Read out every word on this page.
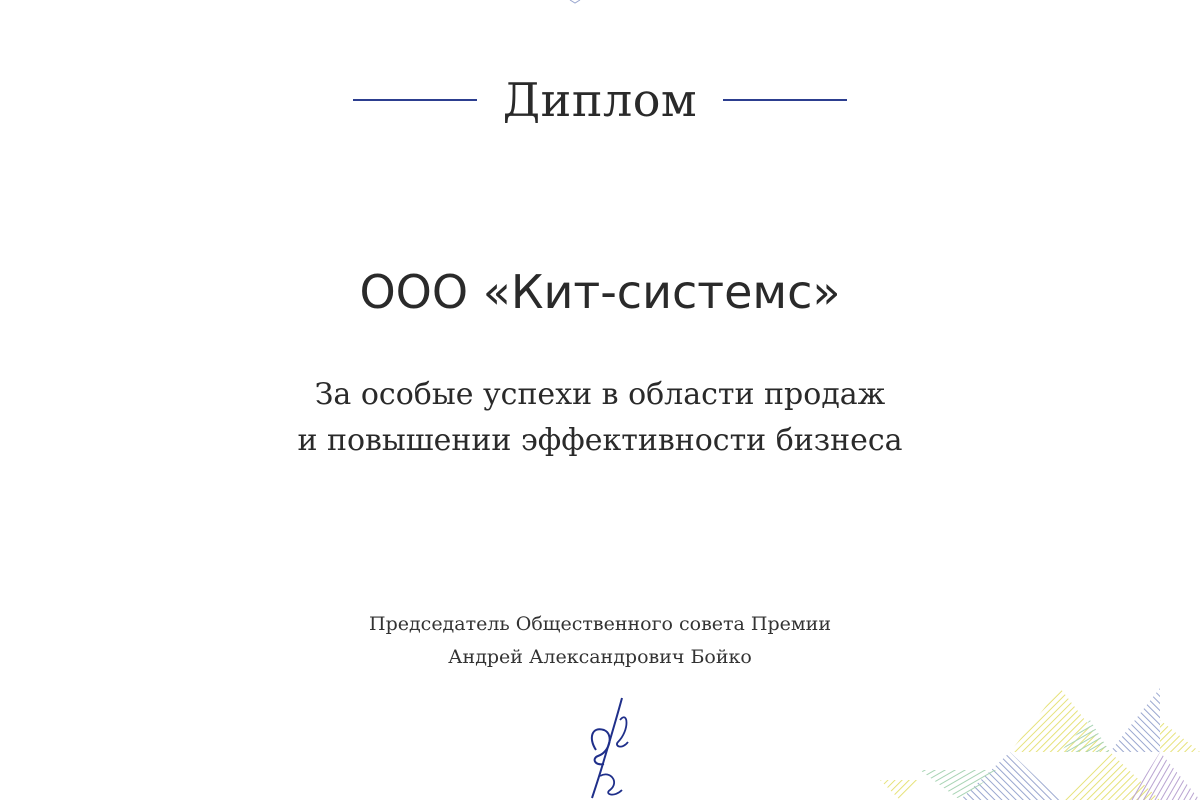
Диплом
ООО «Кит-системс»
За особые успехи в области продаж
и повышении эффективности бизнеса
Председатель Общественного совета Премии
Андрей Александрович Бойко
